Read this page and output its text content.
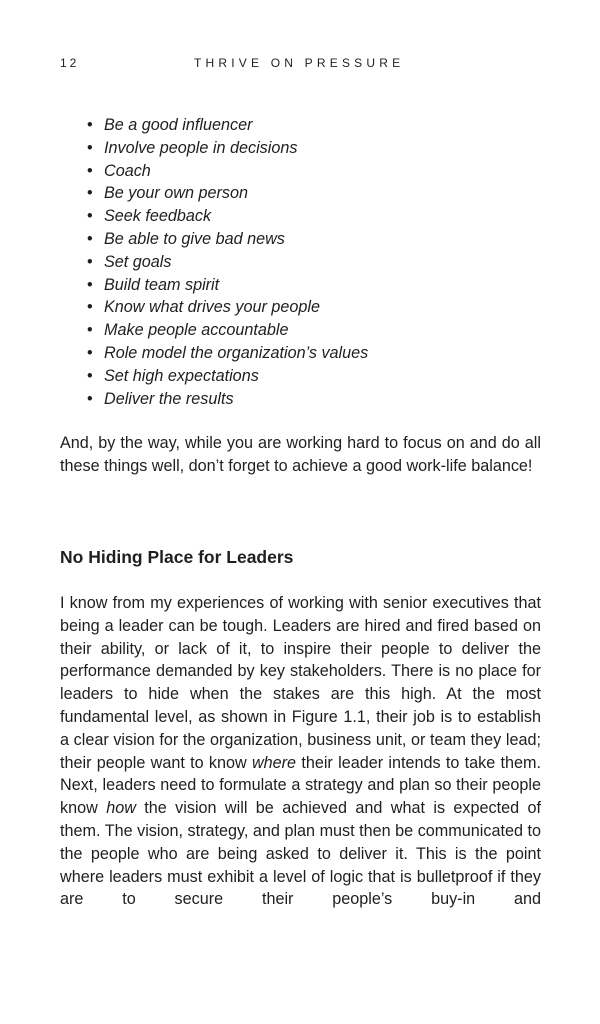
12	THRIVE ON PRESSURE
• Be a good influencer
• Involve people in decisions
• Coach
• Be your own person
• Seek feedback
• Be able to give bad news
• Set goals
• Build team spirit
• Know what drives your people
• Make people accountable
• Role model the organization’s values
• Set high expectations
• Deliver the results

And, by the way, while you are working hard to focus on and do all these things well, don’t forget to achieve a good work-life balance!

No Hiding Place for Leaders

I know from my experiences of working with senior executives that being a leader can be tough. Leaders are hired and fired based on their ability, or lack of it, to inspire their people to deliver the performance demanded by key stakeholders. There is no place for leaders to hide when the stakes are this high. At the most fundamental level, as shown in Figure 1.1, their job is to establish a clear vision for the organization, business unit, or team they lead; their people want to know where their leader intends to take them. Next, leaders need to formulate a strategy and plan so their people know how the vision will be achieved and what is expected of them. The vision, strategy, and plan must then be communicated to the people who are being asked to deliver it. This is the point where leaders must exhibit a level of logic that is bulletproof if they are to secure their people’s buy-in and
